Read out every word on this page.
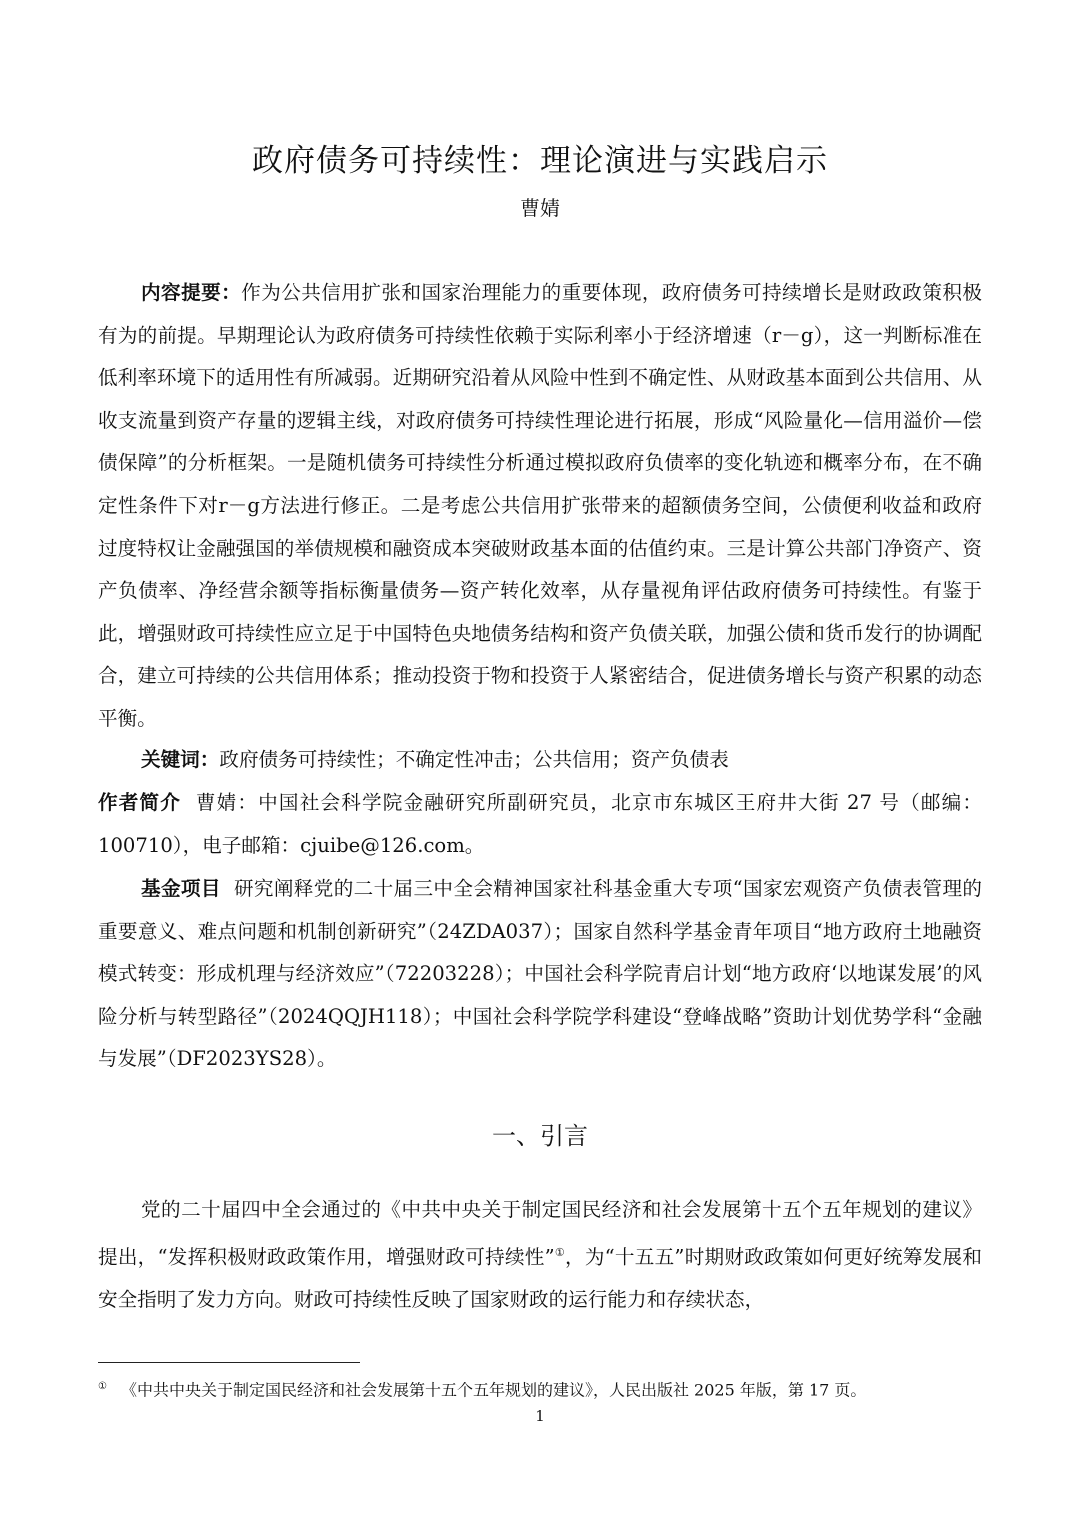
政府债务可持续性：理论演进与实践启示
曹婧
内容提要：作为公共信用扩张和国家治理能力的重要体现，政府债务可持续增长是财政政策积极有为的前提。早期理论认为政府债务可持续性依赖于实际利率小于经济增速（r－g），这一判断标准在低利率环境下的适用性有所减弱。近期研究沿着从风险中性到不确定性、从财政基本面到公共信用、从收支流量到资产存量的逻辑主线，对政府债务可持续性理论进行拓展，形成“风险量化—信用溢价—偿债保障”的分析框架。一是随机债务可持续性分析通过模拟政府负债率的变化轨迹和概率分布，在不确定性条件下对r－g方法进行修正。二是考虑公共信用扩张带来的超额债务空间，公债便利收益和政府过度特权让金融强国的举债规模和融资成本突破财政基本面的估值约束。三是计算公共部门净资产、资产负债率、净经营余额等指标衡量债务—资产转化效率，从存量视角评估政府债务可持续性。有鉴于此，增强财政可持续性应立足于中国特色央地债务结构和资产负债关联，加强公债和货币发行的协调配合，建立可持续的公共信用体系；推动投资于物和投资于人紧密结合，促进债务增长与资产积累的动态平衡。
关键词：政府债务可持续性；不确定性冲击；公共信用；资产负债表
作者简介 曹婧：中国社会科学院金融研究所副研究员，北京市东城区王府井大街 27 号（邮编：100710），电子邮箱：cjuibe@126.com。
基金项目 研究阐释党的二十届三中全会精神国家社科基金重大专项“国家宏观资产负债表管理的重要意义、难点问题和机制创新研究”（24ZDA037）；国家自然科学基金青年项目“地方政府土地融资模式转变：形成机理与经济效应”（72203228）；中国社会科学院青启计划“地方政府‘以地谋发展’的风险分析与转型路径”（2024QQJH118）；中国社会科学院学科建设“登峰战略”资助计划优势学科“金融与发展”（DF2023YS28）。
一、引言
党的二十届四中全会通过的《中共中央关于制定国民经济和社会发展第十五个五年规划的建议》提出，“发挥积极财政政策作用，增强财政可持续性”①，为“十五五”时期财政政策如何更好统筹发展和安全指明了发力方向。财政可持续性反映了国家财政的运行能力和存续状态，
① 《中共中央关于制定国民经济和社会发展第十五个五年规划的建议》，人民出版社 2025 年版，第 17 页。
1
